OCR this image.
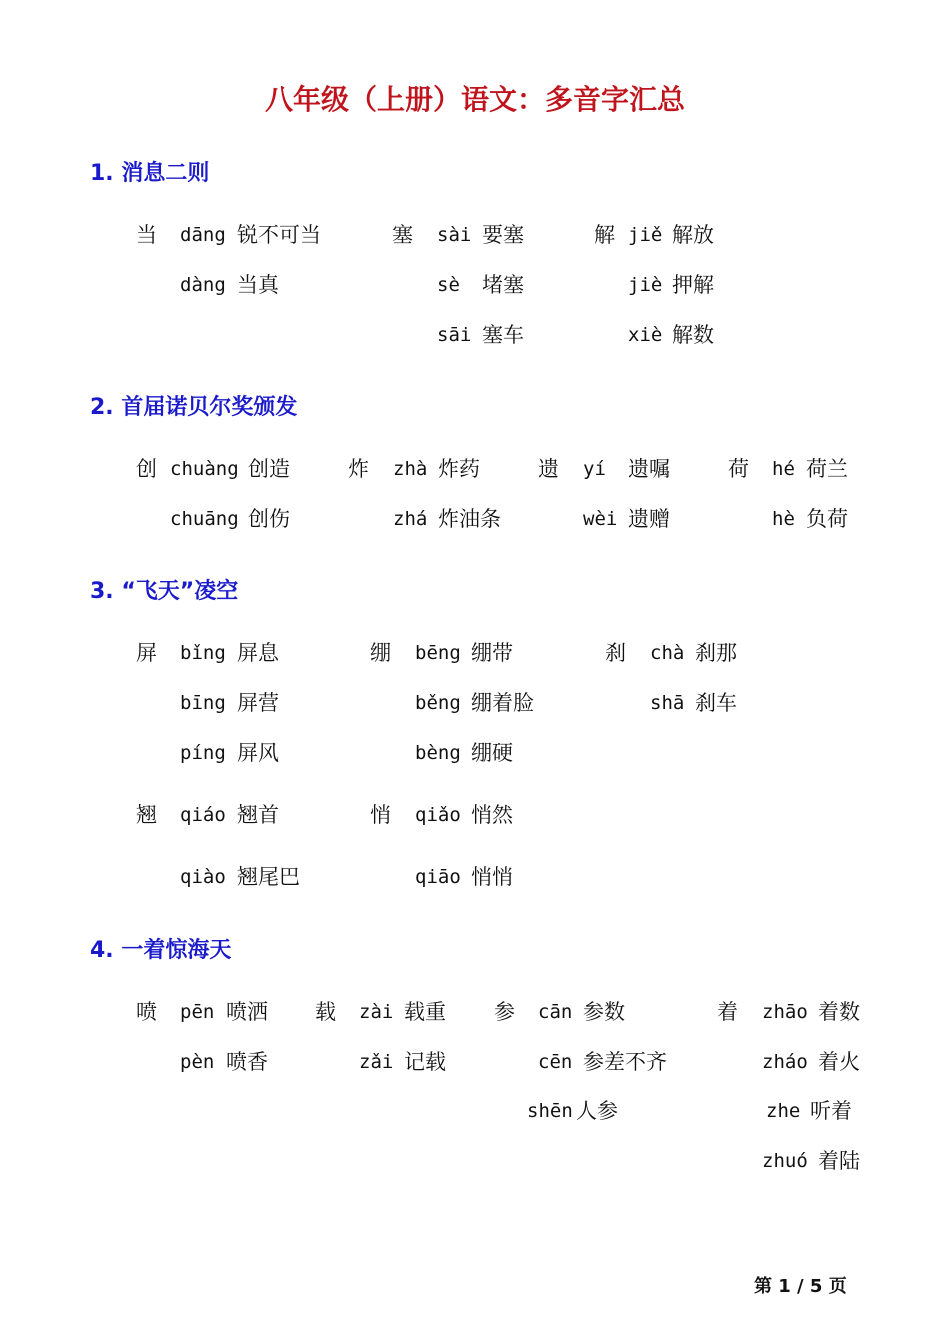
八年级（上册）语文：多音字汇总
1. 消息二则
当 dāng 锐不可当
dàng 当真
塞 sài 要塞
sè 堵塞
sāi 塞车
解 jiě 解放
jiè 押解
xiè 解数
2. 首届诺贝尔奖颁发
创 chuàng 创造
chuāng 创伤
炸 zhà 炸药
zhá 炸油条
遗 yí 遗嘱
wèi 遗赠
荷 hé 荷兰
hè 负荷
3. “飞天”凌空
屏 bǐng 屏息
bīng 屏营
píng 屏风
绷 bēng 绷带
běng 绷着脸
bèng 绷硬
刹 chà 刹那
shā 刹车
翘 qiáo 翘首
qiào 翘尾巴
悄 qiǎo 悄然
qiāo 悄悄
4. 一着惊海天
喷 pēn 喷洒
pèn 喷香
载 zài 载重
zǎi 记载
参 cān 参数
cēn 参差不齐
shēn 人参
着 zhāo 着数
zháo 着火
zhe 听着
zhuó 着陆
第 1 / 5 页
